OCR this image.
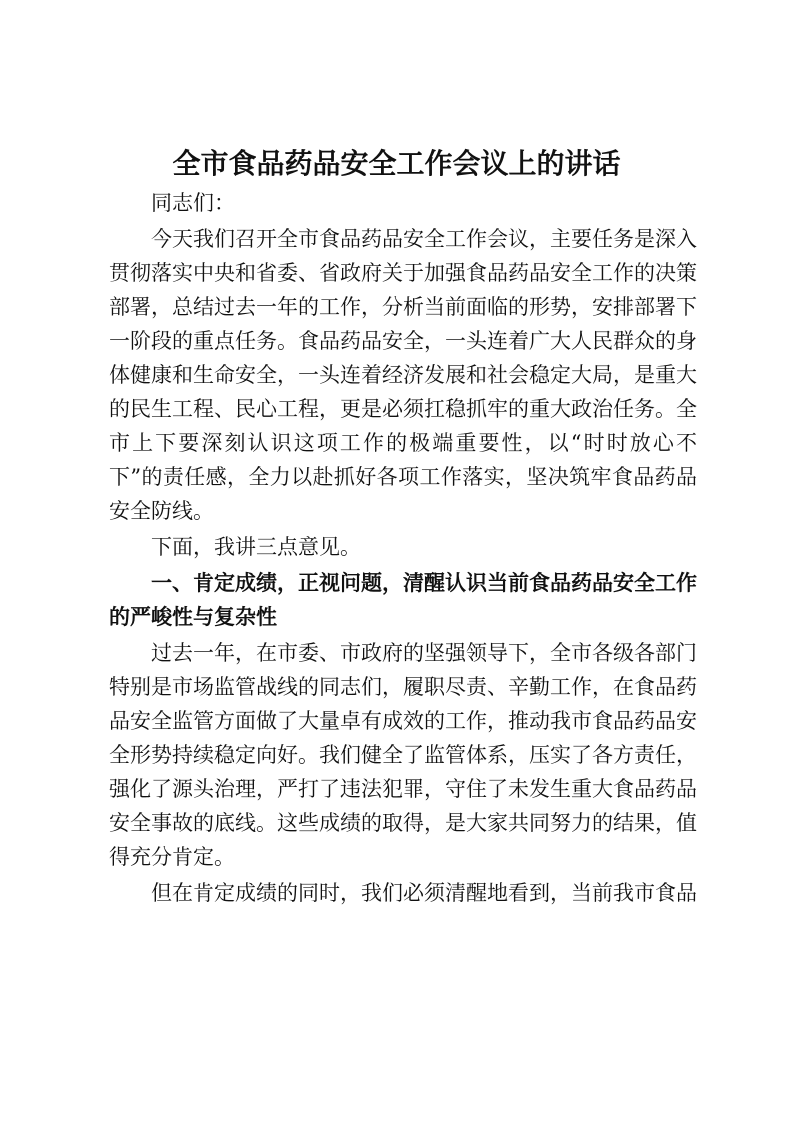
全市食品药品安全工作会议上的讲话

同志们：

今天我们召开全市食品药品安全工作会议，主要任务是深入贯彻落实中央和省委、省政府关于加强食品药品安全工作的决策部署，总结过去一年的工作，分析当前面临的形势，安排部署下一阶段的重点任务。食品药品安全，一头连着广大人民群众的身体健康和生命安全，一头连着经济发展和社会稳定大局，是重大的民生工程、民心工程，更是必须扛稳抓牢的重大政治任务。全市上下要深刻认识这项工作的极端重要性，以“时时放心不下”的责任感，全力以赴抓好各项工作落实，坚决筑牢食品药品安全防线。

下面，我讲三点意见。

一、肯定成绩，正视问题，清醒认识当前食品药品安全工作的严峻性与复杂性

过去一年，在市委、市政府的坚强领导下，全市各级各部门特别是市场监管战线的同志们，履职尽责、辛勤工作，在食品药品安全监管方面做了大量卓有成效的工作，推动我市食品药品安全形势持续稳定向好。我们健全了监管体系，压实了各方责任，强化了源头治理，严打了违法犯罪，守住了未发生重大食品药品安全事故的底线。这些成绩的取得，是大家共同努力的结果，值得充分肯定。

但在肯定成绩的同时，我们必须清醒地看到，当前我市食品
